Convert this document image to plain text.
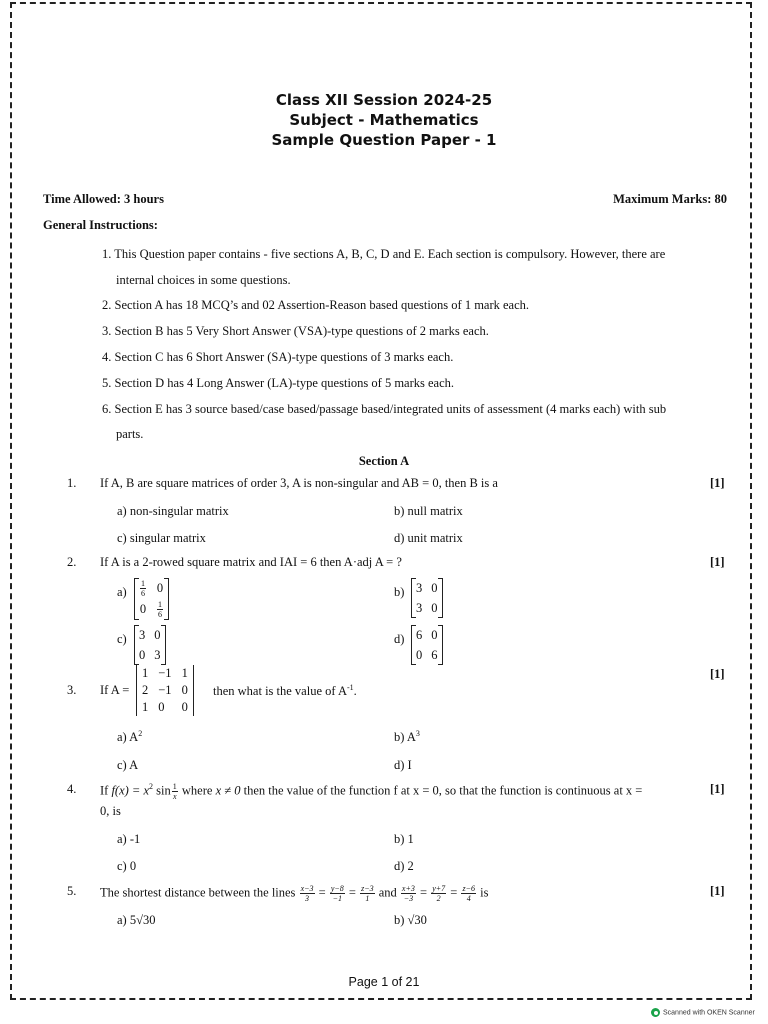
Class XII Session 2024-25
Subject - Mathematics
Sample Question Paper - 1
Time Allowed: 3 hours	Maximum Marks: 80
General Instructions:
1. This Question paper contains - five sections A, B, C, D and E. Each section is compulsory. However, there are
internal choices in some questions.
2. Section A has 18 MCQ’s and 02 Assertion-Reason based questions of 1 mark each.
3. Section B has 5 Very Short Answer (VSA)-type questions of 2 marks each.
4. Section C has 6 Short Answer (SA)-type questions of 3 marks each.
5. Section D has 4 Long Answer (LA)-type questions of 5 marks each.
6. Section E has 3 source based/case based/passage based/integrated units of assessment (4 marks each) with sub
parts.
Section A
1. If A, B are square matrices of order 3, A is non-singular and AB = 0, then B is a	[1]
a) non-singular matrix	b) null matrix
c) singular matrix	d) unit matrix
2. If A is a 2-rowed square matrix and IAI = 6 then A·adj A = ?	[1]
$a) \frac{1}{6} 0$
$0 \frac{1}{6}$
b) 3 0
3 0
c) 3 0
0 3
d) 6 0
0 6
3. If A =
1 −1 1
2 −1 0
1 0	0
then what is the value of $A^{-1}$.
[1]
a) $A^2$	b) $A^3$
c) A	d) I
4. If $f(x) = x^2$ $\sin \frac{1}{x}$ where x ≠ 0 then the value of the function f at x = 0, so that the function is continuous at x =	[1]
0, is
a) -1	b) 1
c) 0	d) 2
5. The shortest distance between the lines $\frac{x-3}{3} = \frac{y-8}{-1} = \frac{z-3}{1}$ and $\frac{x+3}{-3} = \frac{y+7}{2} = \frac{z-6}{4}$ is	[1]
a) 5√30	b) √30
Page 1 of 21
Scanned with OKEN Scanner
